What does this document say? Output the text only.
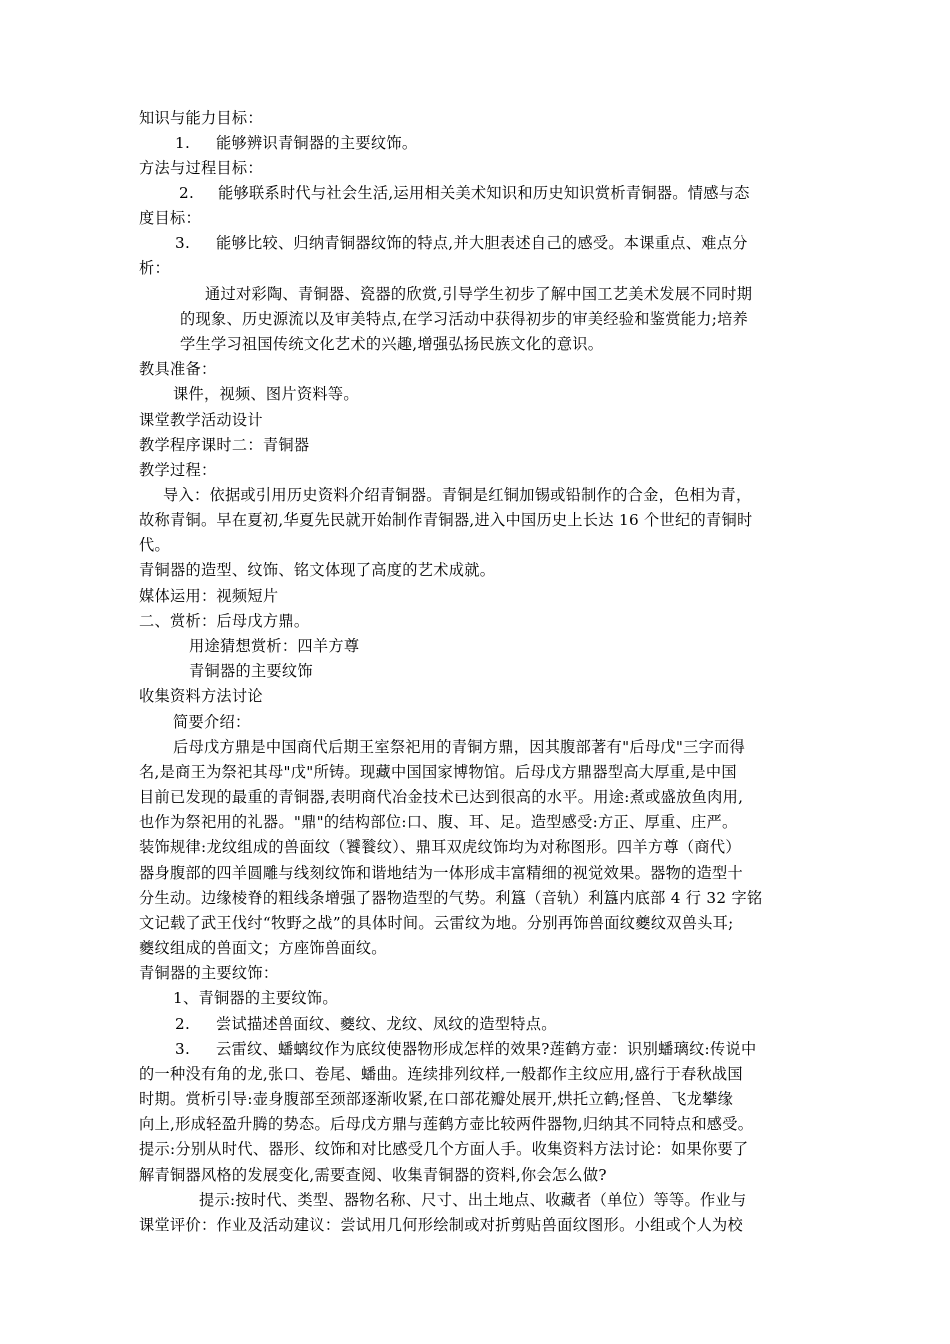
知识与能力目标：
1. 能够辨识青铜器的主要纹饰。
方法与过程目标：
2. 能够联系时代与社会生活,运用相关美术知识和历史知识赏析青铜器。情感与态
度目标：
3. 能够比较、归纳青铜器纹饰的特点,并大胆表述自己的感受。本课重点、难点分
析：
通过对彩陶、青铜器、瓷器的欣赏,引导学生初步了解中国工艺美术发展不同时期
的现象、历史源流以及审美特点,在学习活动中获得初步的审美经验和鉴赏能力;培养
学生学习祖国传统文化艺术的兴趣,增强弘扬民族文化的意识。
教具准备：
课件，视频、图片资料等。
课堂教学活动设计
教学程序课时二：青铜器
教学过程：
导入：依据或引用历史资料介绍青铜器。青铜是红铜加锡或铅制作的合金，色相为青，
故称青铜。早在夏初,华夏先民就开始制作青铜器,进入中国历史上长达 16 个世纪的青铜时
代。
青铜器的造型、纹饰、铭文体现了高度的艺术成就。
媒体运用：视频短片
二、赏析：后母戊方鼎。
用途猜想赏析：四羊方尊
青铜器的主要纹饰
收集资料方法讨论
简要介绍：
后母戊方鼎是中国商代后期王室祭祀用的青铜方鼎，因其腹部著有"后母戊"三字而得
名,是商王为祭祀其母"戊"所铸。现藏中国国家博物馆。后母戊方鼎器型高大厚重,是中国
目前已发现的最重的青铜器,表明商代冶金技术已达到很高的水平。用途:煮或盛放鱼肉用,
也作为祭祀用的礼器。"鼎"的结构部位:口、腹、耳、足。造型感受:方正、厚重、庄严。
装饰规律:龙纹组成的兽面纹（饕餮纹）、鼎耳双虎纹饰均为对称图形。四羊方尊（商代）
器身腹部的四羊圆雕与线刻纹饰和谐地结为一体形成丰富精细的视觉效果。器物的造型十
分生动。边缘棱脊的粗线条增强了器物造型的气势。利簋（音轨）利簋内底部 4 行 32 字铭
文记载了武王伐纣“牧野之战”的具体时间。云雷纹为地。分别再饰兽面纹夔纹双兽头耳;
夔纹组成的兽面文；方座饰兽面纹。
青铜器的主要纹饰：
1、青铜器的主要纹饰。
2. 尝试描述兽面纹、夔纹、龙纹、凤纹的造型特点。
3. 云雷纹、蟠螭纹作为底纹使器物形成怎样的效果?莲鹤方壶：识别蟠璃纹:传说中
的一种没有角的龙,张口、卷尾、蟠曲。连续排列纹样,一般都作主纹应用,盛行于春秋战国
时期。赏析引导:壶身腹部至颈部逐渐收紧,在口部花瓣处展开,烘托立鹤;怪兽、飞龙攀缘
向上,形成轻盈升腾的势态。后母戊方鼎与莲鹤方壶比较两件器物,归纳其不同特点和感受。
提示:分别从时代、器形、纹饰和对比感受几个方面人手。收集资料方法讨论：如果你要了
解青铜器风格的发展变化,需要查阅、收集青铜器的资料,你会怎么做?
提示:按时代、类型、器物名称、尺寸、出土地点、收藏者（单位）等等。作业与
课堂评价：作业及活动建议：尝试用几何形绘制或对折剪贴兽面纹图形。小组或个人为校
